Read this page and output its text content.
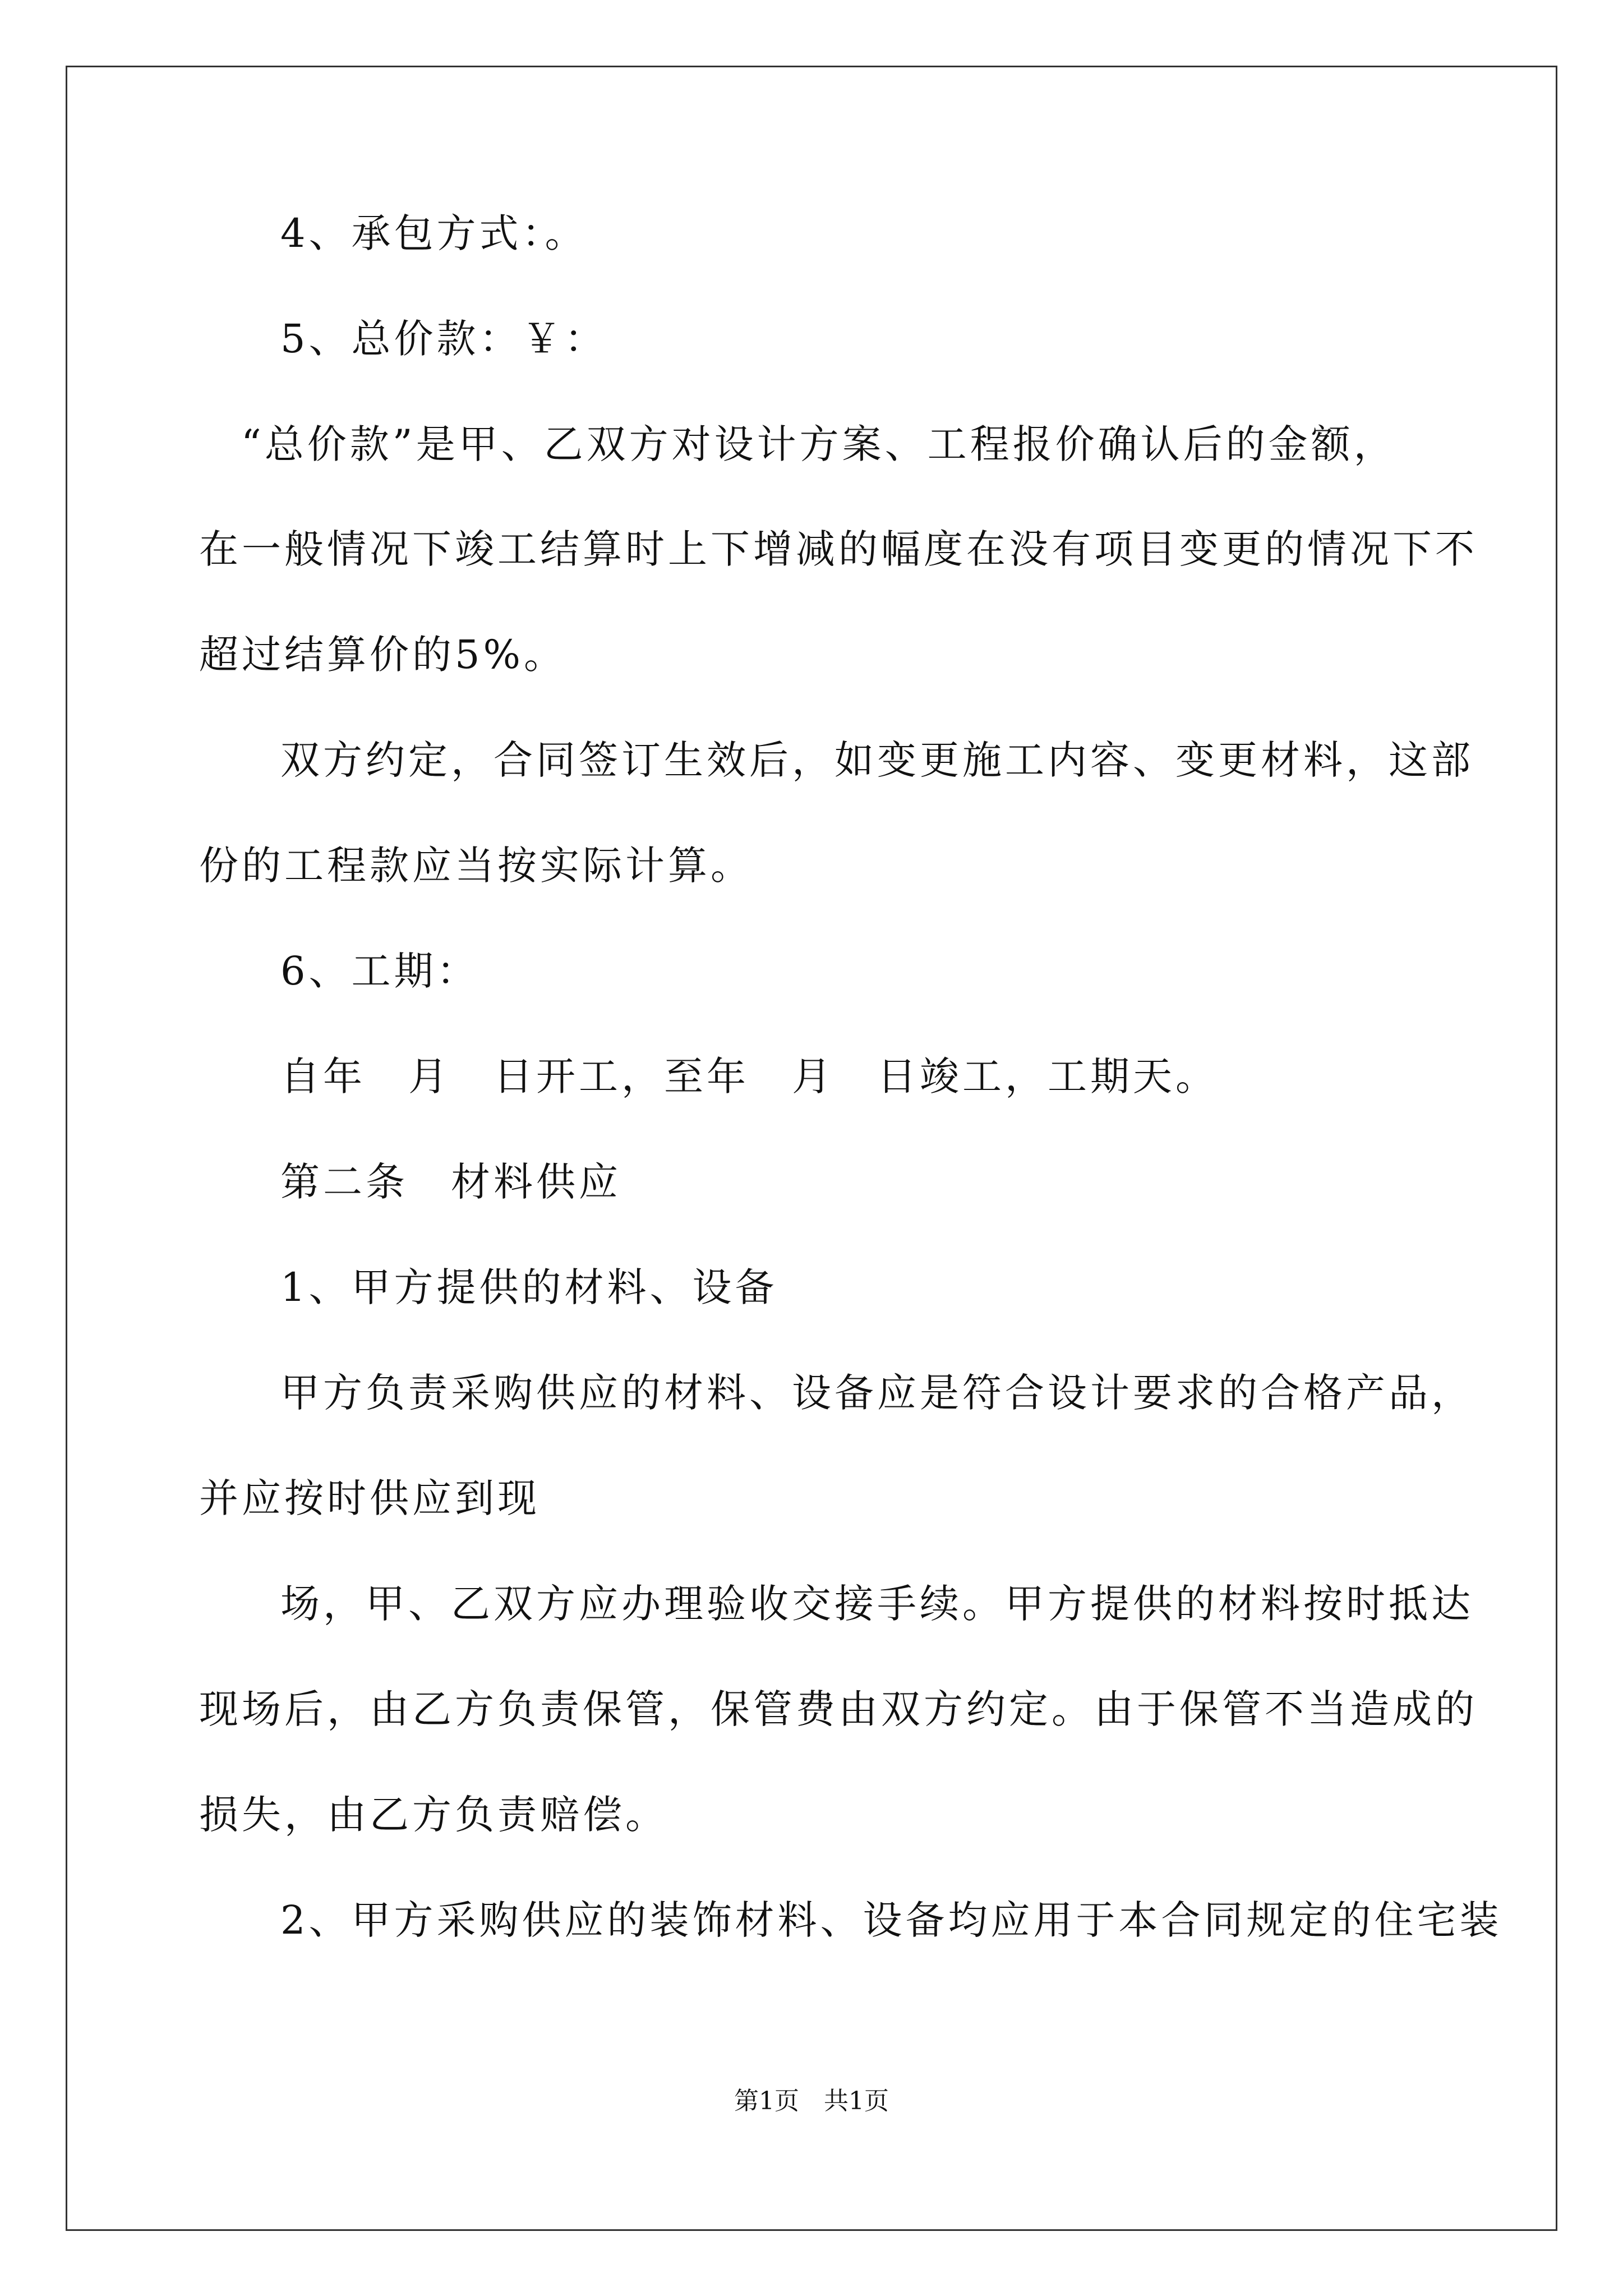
4、承包方式：。
5、总价款：￥：
“总价款”是甲、乙双方对设计方案、工程报价确认后的金额，
在一般情况下竣工结算时上下增减的幅度在没有项目变更的情况下不
超过结算价的5%。
双方约定，合同签订生效后，如变更施工内容、变更材料，这部
份的工程款应当按实际计算。
6、工期：
自年　月　日开工，至年　月　日竣工，工期天。
第二条　材料供应
1、甲方提供的材料、设备
甲方负责采购供应的材料、设备应是符合设计要求的合格产品，
并应按时供应到现
场，甲、乙双方应办理验收交接手续。甲方提供的材料按时抵达
现场后，由乙方负责保管，保管费由双方约定。由于保管不当造成的
损失，由乙方负责赔偿。
2、甲方采购供应的装饰材料、设备均应用于本合同规定的住宅装
第1页　共1页
